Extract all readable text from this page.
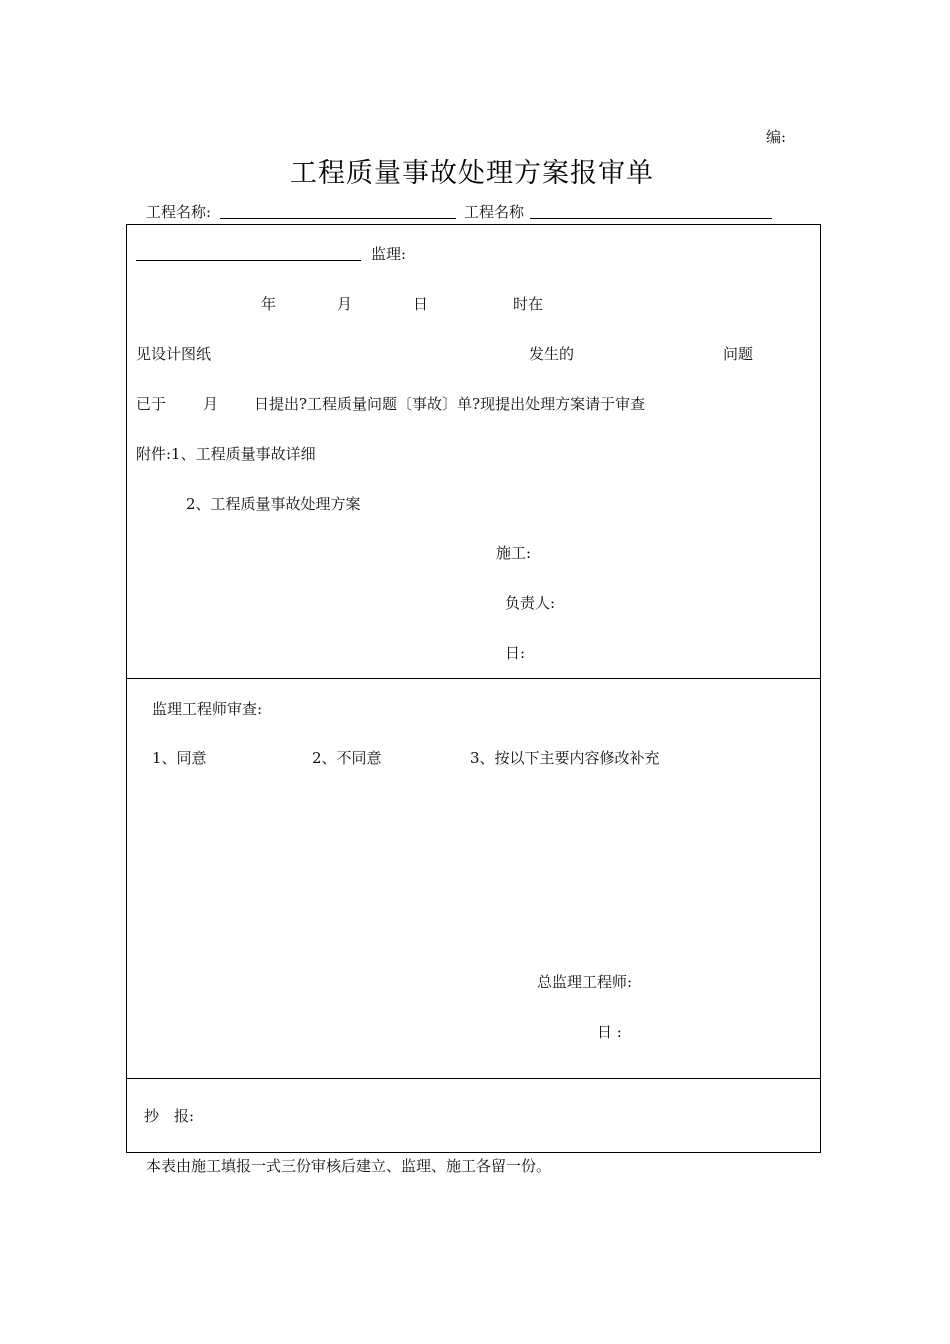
编:
工程质量事故处理方案报审单
工程名称:	工程名称
监理:
年	月	日	时在
见设计图纸	发生的	问题
已于 月 日提出?工程质量问题〔事故〕单?现提出处理方案请于审查
附件:1、工程质量事故详细
2、工程质量事故处理方案
施工:
负责人:
日:
监理工程师审查:
1、同意	2、不同意	3、按以下主要内容修改补充
总监理工程师:
日 :
抄　报:
本表由施工填报一式三份审核后建立、监理、施工各留一份。
